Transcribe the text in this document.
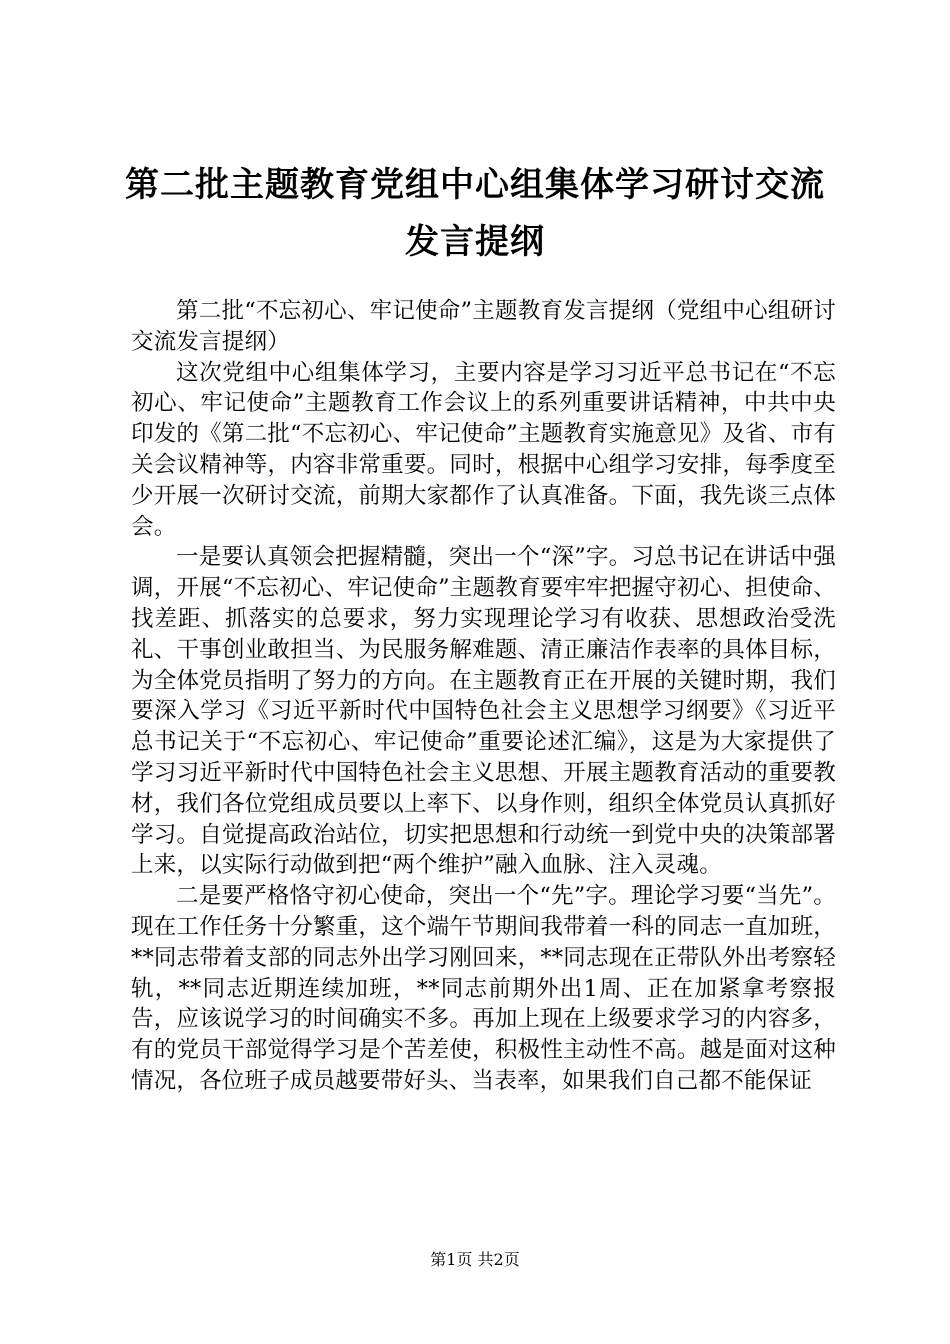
第二批主题教育党组中心组集体学习研讨交流
发言提纲

第二批“不忘初心、牢记使命”主题教育发言提纲（党组中心组研讨交流发言提纲）

这次党组中心组集体学习，主要内容是学习习近平总书记在“不忘初心、牢记使命”主题教育工作会议上的系列重要讲话精神，中共中央印发的《第二批“不忘初心、牢记使命”主题教育实施意见》及省、市有关会议精神等，内容非常重要。同时，根据中心组学习安排，每季度至少开展一次研讨交流，前期大家都作了认真准备。下面，我先谈三点体会。

一是要认真领会把握精髓，突出一个“深”字。习总书记在讲话中强调，开展“不忘初心、牢记使命”主题教育要牢牢把握守初心、担使命、找差距、抓落实的总要求，努力实现理论学习有收获、思想政治受洗礼、干事创业敢担当、为民服务解难题、清正廉洁作表率的具体目标，为全体党员指明了努力的方向。在主题教育正在开展的关键时期，我们要深入学习《习近平新时代中国特色社会主义思想学习纲要》《习近平总书记关于“不忘初心、牢记使命”重要论述汇编》，这是为大家提供了学习习近平新时代中国特色社会主义思想、开展主题教育活动的重要教材，我们各位党组成员要以上率下、以身作则，组织全体党员认真抓好学习。自觉提高政治站位，切实把思想和行动统一到党中央的决策部署上来，以实际行动做到把“两个维护”融入血脉、注入灵魂。

二是要严格恪守初心使命，突出一个“先”字。理论学习要“当先”。现在工作任务十分繁重，这个端午节期间我带着一科的同志一直加班，**同志带着支部的同志外出学习刚回来，**同志现在正带队外出考察轻轨，**同志近期连续加班，**同志前期外出1周、正在加紧拿考察报告，应该说学习的时间确实不多。再加上现在上级要求学习的内容多，有的党员干部觉得学习是个苦差使，积极性主动性不高。越是面对这种情况，各位班子成员越要带好头、当表率，如果我们自己都不能保证

第1页 共2页
